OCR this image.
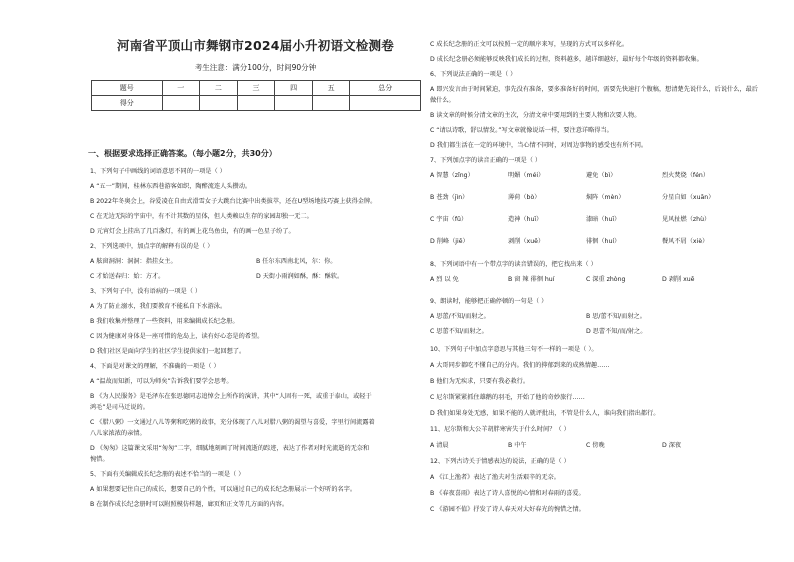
河南省平顶山市舞钢市2024届小升初语文检测卷
考生注意：满分100分，时间90分钟
题号	一	二	三	四	五	总分
得分						
一、根据要求选择正确答案。（每小题2分，共30分）
1、下列句子中画线的词语意思不同的一项是（ ）
A “五一”期间，桂林东西巷游客如织，陶醉流连人头攒动。
B 2022年冬奥会上，谷爱凌在自由式滑雪女子大跳台比赛中出类拔萃，还在U型场地技巧赛上获得金牌。
C 在无边无际的宇宙中，有不计其数的星体，但人类赖以生存的家园却独一无二。
D 元宵灯会上挂出了几百盏灯，有的画上花鸟鱼虫，有的画一色星子纷了。
2、下列选项中，加点字的解释有误的是（ ）
A 舷窗洞洞：洞洞：指挂女主。	B 任尔东西南北风，尔：你。
C 才始送春归：始：方才。	D 天街小雨润如酥，酥：酥软。
3、下列句子中，没有语病的一项是（ ）
A 为了防止溺水，我们要教育不能私自下水游泳。
B 我们收集并整理了一些资料，用来编辑成长纪念册。
C 因为健康对身体是一座可惜的危岛上，读有好心态是的希望。
D 我们社区是面向学生的社区学生提供家们一起回想了。
4、下面是对课文的理解，不准确的一项是（ ）
A “温故而知新，可以为师矣”告诉我们要学会思考。
B 《为人民服务》是毛泽东在张思德同志追悼会上所作的演讲，其中“人固有一死，或重于泰山，或轻于
鸿毛”是司马迁说的。
C 《腊八粥》一文通过八儿等粥和吃粥的故事，充分体现了八儿对腊八粥的渴望与喜爱，字里行间流露着
八儿家浓浓的亲情。
D 《匆匆》这篇课文采用“匆匆”二字，细腻地刻画了时间流逝的踪迹，表达了作者对时光流逝的无奈和
惋惜。
5、下面有关编辑成长纪念册的表述不恰当的一项是（ ）
A 如果想要记住自己的成长，想要自己的个性，可以通过自己的成长纪念册展示一个好听的名字。
B 在制作成长纪念册时可以附照模仿样题，廊页和正文等几方面的内容。
C 成长纪念册的正文可以按照一定的顺序来写，呈现的方式可以多样化。
D 成长纪念册必须能够反映我们成长的过程，资料越多，越详细越好，最好每个年级的资料都收集。
6、下列说法正确的一项是（ ）
A 即兴发言由于时间紧迫，事先没有准备，要多准备好的时间，需要先快速打个腹稿，想清楚先说什么，后说什么，最后
做什么。
B 读文章的时候分清文章的主次，分清文章中要用到的主要人物和次要人物。
C “请以诗歌，舒以情发。”写文章就像说话一样，要注意详略得当。
D 我们都生活在一定的环境中，当心情不同时，对周边事物的感受也有所不同。
7、下列加点字的读音正确的一项是（ ）
A 智慧（zǐng）	明媚（méi）	避免（bì）	烈火焚烧（fén）
B 苍劲（jìn）	薄荷（bò）	焖阵（mèn）	分星自如（xuān）
C 宇宙（fǔ）	造神（huī）	漆暗（huī）	见风扯燃（zhù）
D 削峰（jiē）	剥削（xuē）	徘徊（huí）	餐风不屑（xiè）
8、下列词语中有一个带点字的读音错误的，把它找出来（ ）
A 烈 以 免	B 窗 辣 徘徊 huí	C 深重 zhòng	D 剥削 xuē
9、朗读时，能够把正确停顿的一句是（ ）
A 思蕾/不知/而射之。	B 思/蕾不知/而射之。
C 思蕾不知/而射之。	D 思蕾不知/而/射之。
10、下列句子中加点字意思与其他三句不一样的一项是（ ）。
A 大哥同步都吃不懂自己的分内。我们的抑郁到来的成熟情趣……
B 他们为无疾求，只要有我必救行。
C 尼尔斯紧紧抓住雄鹅的羽毛，开始了他的奇妙旅行……
D 我们如果身处无感，如果不能的人就评批出，不管是什么人，谁向我们指出都行。
11、尼尔斯和大公羊胡胖寒害失于什么时间？（ ）
A 清晨	B 中午	C 傍晚	D 深夜
12、下列古诗关于情感表达的说法，正确的是（ ）
A 《江上渔者》表达了渔夫对生活艰辛的无奈。
B 《春夜喜雨》表达了诗人喜悦的心情和对春雨的喜爱。
C 《游园不值》抒发了诗人春天对大好春光的惋惜之情。
